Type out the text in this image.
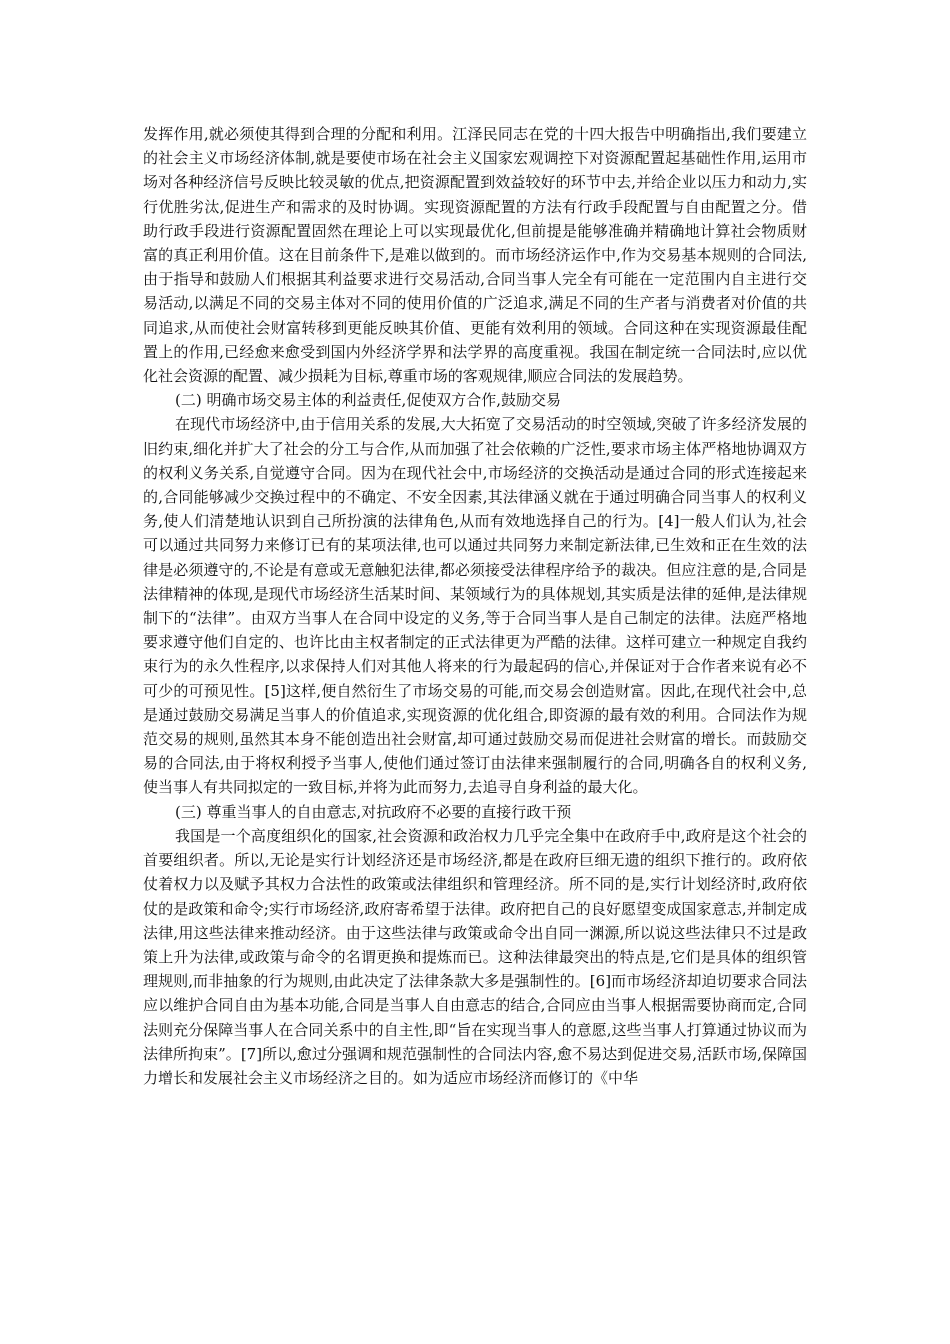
发挥作用,就必须使其得到合理的分配和利用。江泽民同志在党的十四大报告中明确指出,我们要建立的社会主义市场经济体制,就是要使市场在社会主义国家宏观调控下对资源配置起基础性作用,运用市场对各种经济信号反映比较灵敏的优点,把资源配置到效益较好的环节中去,并给企业以压力和动力,实行优胜劣汰,促进生产和需求的及时协调。实现资源配置的方法有行政手段配置与自由配置之分。借助行政手段进行资源配置固然在理论上可以实现最优化,但前提是能够准确并精确地计算社会物质财富的真正利用价值。这在目前条件下,是难以做到的。而市场经济运作中,作为交易基本规则的合同法,由于指导和鼓励人们根据其利益要求进行交易活动,合同当事人完全有可能在一定范围内自主进行交易活动,以满足不同的交易主体对不同的使用价值的广泛追求,满足不同的生产者与消费者对价值的共同追求,从而使社会财富转移到更能反映其价值、更能有效利用的领域。合同这种在实现资源最佳配置上的作用,已经愈来愈受到国内外经济学界和法学界的高度重视。我国在制定统一合同法时,应以优化社会资源的配置、减少损耗为目标,尊重市场的客观规律,顺应合同法的发展趋势。

(二) 明确市场交易主体的利益责任,促使双方合作,鼓励交易

在现代市场经济中,由于信用关系的发展,大大拓宽了交易活动的时空领域,突破了许多经济发展的旧约束,细化并扩大了社会的分工与合作,从而加强了社会依赖的广泛性,要求市场主体严格地协调双方的权利义务关系,自觉遵守合同。因为在现代社会中,市场经济的交换活动是通过合同的形式连接起来的,合同能够减少交换过程中的不确定、不安全因素,其法律涵义就在于通过明确合同当事人的权利义务,使人们清楚地认识到自己所扮演的法律角色,从而有效地选择自己的行为。[4]一般人们认为,社会可以通过共同努力来修订已有的某项法律,也可以通过共同努力来制定新法律,已生效和正在生效的法律是必须遵守的,不论是有意或无意触犯法律,都必须接受法律程序给予的裁决。但应注意的是,合同是法律精神的体现,是现代市场经济生活某时间、某领域行为的具体规划,其实质是法律的延伸,是法律规制下的“法律”。由双方当事人在合同中设定的义务,等于合同当事人是自己制定的法律。法庭严格地要求遵守他们自定的、也许比由主权者制定的正式法律更为严酷的法律。这样可建立一种规定自我约束行为的永久性程序,以求保持人们对其他人将来的行为最起码的信心,并保证对于合作者来说有必不可少的可预见性。[5]这样,便自然衍生了市场交易的可能,而交易会创造财富。因此,在现代社会中,总是通过鼓励交易满足当事人的价值追求,实现资源的优化组合,即资源的最有效的利用。合同法作为规范交易的规则,虽然其本身不能创造出社会财富,却可通过鼓励交易而促进社会财富的增长。而鼓励交易的合同法,由于将权利授予当事人,使他们通过签订由法律来强制履行的合同,明确各自的权利义务,使当事人有共同拟定的一致目标,并将为此而努力,去追寻自身利益的最大化。

(三) 尊重当事人的自由意志,对抗政府不必要的直接行政干预

我国是一个高度组织化的国家,社会资源和政治权力几乎完全集中在政府手中,政府是这个社会的首要组织者。所以,无论是实行计划经济还是市场经济,都是在政府巨细无遗的组织下推行的。政府依仗着权力以及赋予其权力合法性的政策或法律组织和管理经济。所不同的是,实行计划经济时,政府依仗的是政策和命令;实行市场经济,政府寄希望于法律。政府把自己的良好愿望变成国家意志,并制定成法律,用这些法律来推动经济。由于这些法律与政策或命令出自同一渊源,所以说这些法律只不过是政策上升为法律,或政策与命令的名谓更换和提炼而已。这种法律最突出的特点是,它们是具体的组织管理规则,而非抽象的行为规则,由此决定了法律条款大多是强制性的。[6]而市场经济却迫切要求合同法应以维护合同自由为基本功能,合同是当事人自由意志的结合,合同应由当事人根据需要协商而定,合同法则充分保障当事人在合同关系中的自主性,即“旨在实现当事人的意愿,这些当事人打算通过协议而为法律所拘束”。[7]所以,愈过分强调和规范强制性的合同法内容,愈不易达到促进交易,活跃市场,保障国力增长和发展社会主义市场经济之目的。如为适应市场经济而修订的《中华
